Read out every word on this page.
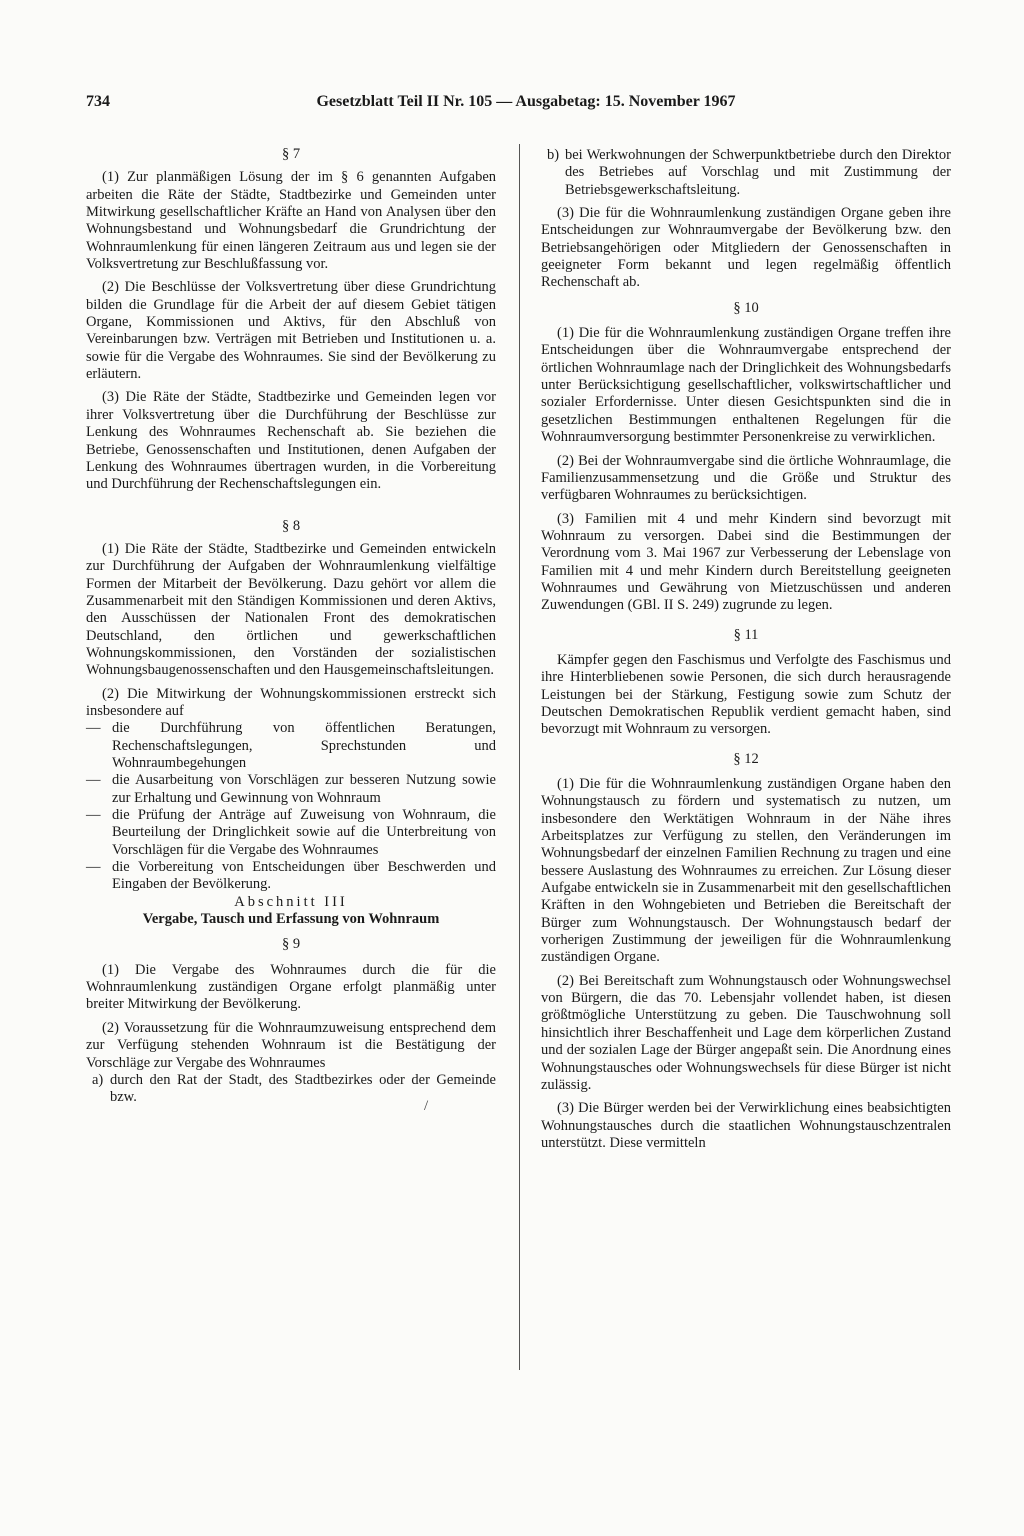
734	Gesetzblatt Teil II Nr. 105 — Ausgabetag: 15. November 1967

§ 7

(1) Zur planmäßigen Lösung der im § 6 genannten Aufgaben arbeiten die Räte der Städte, Stadtbezirke und Gemeinden unter Mitwirkung gesellschaftlicher Kräfte an Hand von Analysen über den Wohnungsbestand und Wohnungsbedarf die Grundrichtung der Wohnraumlenkung für einen längeren Zeitraum aus und legen sie der Volksvertretung zur Beschlußfassung vor.

(2) Die Beschlüsse der Volksvertretung über diese Grundrichtung bilden die Grundlage für die Arbeit der auf diesem Gebiet tätigen Organe, Kommissionen und Aktivs, für den Abschluß von Vereinbarungen bzw. Verträgen mit Betrieben und Institutionen u. a. sowie für die Vergabe des Wohnraumes. Sie sind der Bevölkerung zu erläutern.

(3) Die Räte der Städte, Stadtbezirke und Gemeinden legen vor ihrer Volksvertretung über die Durchführung der Beschlüsse zur Lenkung des Wohnraumes Rechenschaft ab. Sie beziehen die Betriebe, Genossenschaften und Institutionen, denen Aufgaben der Lenkung des Wohnraumes übertragen wurden, in die Vorbereitung und Durchführung der Rechenschaftslegungen ein.

§ 8

(1) Die Räte der Städte, Stadtbezirke und Gemeinden entwickeln zur Durchführung der Aufgaben der Wohnraumlenkung vielfältige Formen der Mitarbeit der Bevölkerung. Dazu gehört vor allem die Zusammenarbeit mit den Ständigen Kommissionen und deren Aktivs, den Ausschüssen der Nationalen Front des demokratischen Deutschland, den örtlichen und gewerkschaftlichen Wohnungskommissionen, den Vorständen der sozialistischen Wohnungsbaugenossenschaften und den Hausgemeinschaftsleitungen.

(2) Die Mitwirkung der Wohnungskommissionen erstreckt sich insbesondere auf

— die Durchführung von öffentlichen Beratungen, Rechenschaftslegungen, Sprechstunden und Wohnraumbegehungen

— die Ausarbeitung von Vorschlägen zur besseren Nutzung sowie zur Erhaltung und Gewinnung von Wohnraum

— die Prüfung der Anträge auf Zuweisung von Wohnraum, die Beurteilung der Dringlichkeit sowie auf die Unterbreitung von Vorschlägen für die Vergabe des Wohnraumes

— die Vorbereitung von Entscheidungen über Beschwerden und Eingaben der Bevölkerung.

Abschnitt III

Vergabe, Tausch und Erfassung von Wohnraum

§ 9

(1) Die Vergabe des Wohnraumes durch die für die Wohnraumlenkung zuständigen Organe erfolgt planmäßig unter breiter Mitwirkung der Bevölkerung.

(2) Voraussetzung für die Wohnraumzuweisung entsprechend dem zur Verfügung stehenden Wohnraum ist die Bestätigung der Vorschläge zur Vergabe des Wohnraumes

a) durch den Rat der Stadt, des Stadtbezirkes oder der Gemeinde bzw.

/

b) bei Werkwohnungen der Schwerpunktbetriebe durch den Direktor des Betriebes auf Vorschlag und mit Zustimmung der Betriebsgewerkschaftsleitung.

(3) Die für die Wohnraumlenkung zuständigen Organe geben ihre Entscheidungen zur Wohnraumvergabe der Bevölkerung bzw. den Betriebsangehörigen oder Mitgliedern der Genossenschaften in geeigneter Form bekannt und legen regelmäßig öffentlich Rechenschaft ab.

§ 10

(1) Die für die Wohnraumlenkung zuständigen Organe treffen ihre Entscheidungen über die Wohnraumvergabe entsprechend der örtlichen Wohnraumlage nach der Dringlichkeit des Wohnungsbedarfs unter Berücksichtigung gesellschaftlicher, volkswirtschaftlicher und sozialer Erfordernisse. Unter diesen Gesichtspunkten sind die in gesetzlichen Bestimmungen enthaltenen Regelungen für die Wohnraumversorgung bestimmter Personenkreise zu verwirklichen.

(2) Bei der Wohnraumvergabe sind die örtliche Wohnraumlage, die Familienzusammensetzung und die Größe und Struktur des verfügbaren Wohnraumes zu berücksichtigen.

(3) Familien mit 4 und mehr Kindern sind bevorzugt mit Wohnraum zu versorgen. Dabei sind die Bestimmungen der Verordnung vom 3. Mai 1967 zur Verbesserung der Lebenslage von Familien mit 4 und mehr Kindern durch Bereitstellung geeigneten Wohnraumes und Gewährung von Mietzuschüssen und anderen Zuwendungen (GBl. II S. 249) zugrunde zu legen.

§ 11

Kämpfer gegen den Faschismus und Verfolgte des Faschismus und ihre Hinterbliebenen sowie Personen, die sich durch herausragende Leistungen bei der Stärkung, Festigung sowie zum Schutz der Deutschen Demokratischen Republik verdient gemacht haben, sind bevorzugt mit Wohnraum zu versorgen.

§ 12

(1) Die für die Wohnraumlenkung zuständigen Organe haben den Wohnungstausch zu fördern und systematisch zu nutzen, um insbesondere den Werktätigen Wohnraum in der Nähe ihres Arbeitsplatzes zur Verfügung zu stellen, den Veränderungen im Wohnungsbedarf der einzelnen Familien Rechnung zu tragen und eine bessere Auslastung des Wohnraumes zu erreichen. Zur Lösung dieser Aufgabe entwickeln sie in Zusammenarbeit mit den gesellschaftlichen Kräften in den Wohngebieten und Betrieben die Bereitschaft der Bürger zum Wohnungstausch. Der Wohnungstausch bedarf der vorherigen Zustimmung der jeweiligen für die Wohnraumlenkung zuständigen Organe.

(2) Bei Bereitschaft zum Wohnungstausch oder Wohnungswechsel von Bürgern, die das 70. Lebensjahr vollendet haben, ist diesen größtmögliche Unterstützung zu geben. Die Tauschwohnung soll hinsichtlich ihrer Beschaffenheit und Lage dem körperlichen Zustand und der sozialen Lage der Bürger angepaßt sein. Die Anordnung eines Wohnungstausches oder Wohnungswechsels für diese Bürger ist nicht zulässig.

(3) Die Bürger werden bei der Verwirklichung eines beabsichtigten Wohnungstausches durch die staatlichen Wohnungstauschzentralen unterstützt. Diese vermitteln
